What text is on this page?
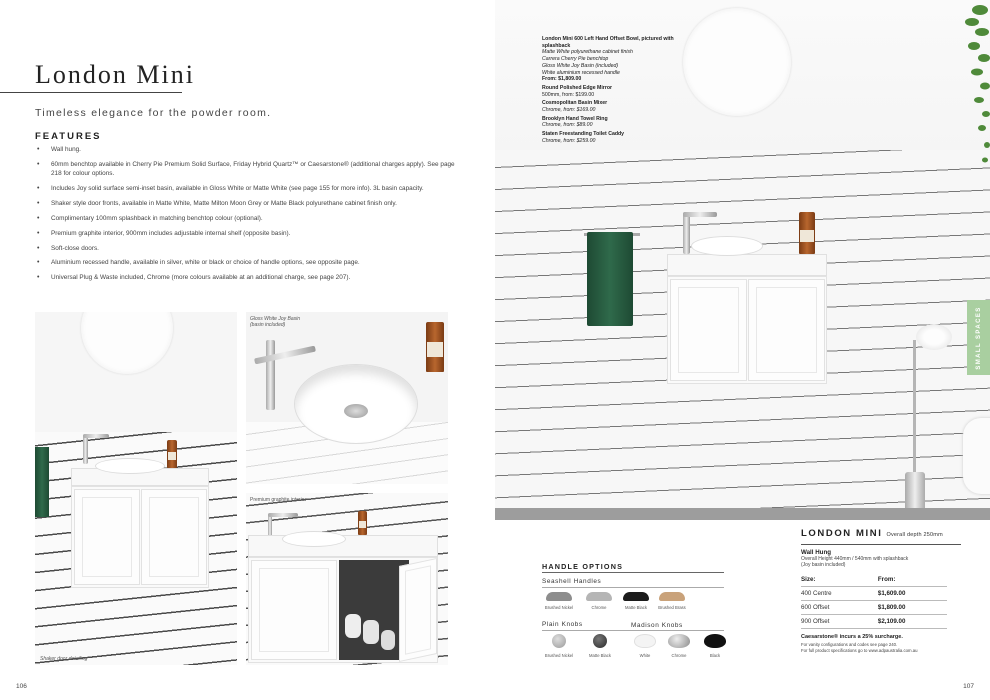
London Mini
Timeless elegance for the powder room.
FEATURES
• Wall hung.
• 60mm benchtop available in Cherry Pie Premium Solid Surface, Friday Hybrid Quartz™ or Caesarstone® (additional charges apply). See page 218 for colour options.
• Includes Joy solid surface semi-inset basin, available in Gloss White or Matte White (see page 155 for more info). 3L basin capacity.
• Shaker style door fronts, available in Matte White, Matte Milton Moon Grey or Matte Black polyurethane cabinet finish only.
• Complimentary 100mm splashback in matching benchtop colour (optional).
• Premium graphite interior, 900mm includes adjustable internal shelf (opposite basin).
• Soft-close doors.
• Aluminium recessed handle, available in silver, white or black or choice of handle options, see opposite page.
• Universal Plug & Waste included, Chrome (more colours available at an additional charge, see page 207).
Shaker door detailing
Gloss White Joy Basin (basin included)
Premium graphite interior
106
London Mini 600 Left Hand Offset Bowl, pictured with splashback
Matte White polyurethane cabinet finish
Carrera Cherry Pie benchtop
Gloss White Joy Basin (included)
White aluminium recessed handle
From: $1,809.00
Round Polished Edge Mirror
500mm, from: $199.00
Cosmopolitan Basin Mixer
Chrome, from: $169.00
Brooklyn Hand Towel Ring
Chrome, from: $89.00
Staten Freestanding Toilet Caddy
Chrome, from: $259.00
SMALL SPACES
HANDLE OPTIONS
Seashell Handles
Brushed Nickel	Chrome	Matte Black	Brushed Brass
Plain Knobs	Madison Knobs
Brushed Nickel	Matte Black	White	Chrome	Black
LONDON MINI Overall depth 250mm
Wall Hung
Overall Height 440mm / 540mm with splashback
(Joy basin included)
Size:	From:
400 Centre	$1,609.00
600 Offset	$1,809.00
900 Offset	$2,109.00
Caesarstone® incurs a 25% surcharge.
For vanity configurations and codes see page 240.
For full product specifications go to www.adpaustralia.com.au
107
